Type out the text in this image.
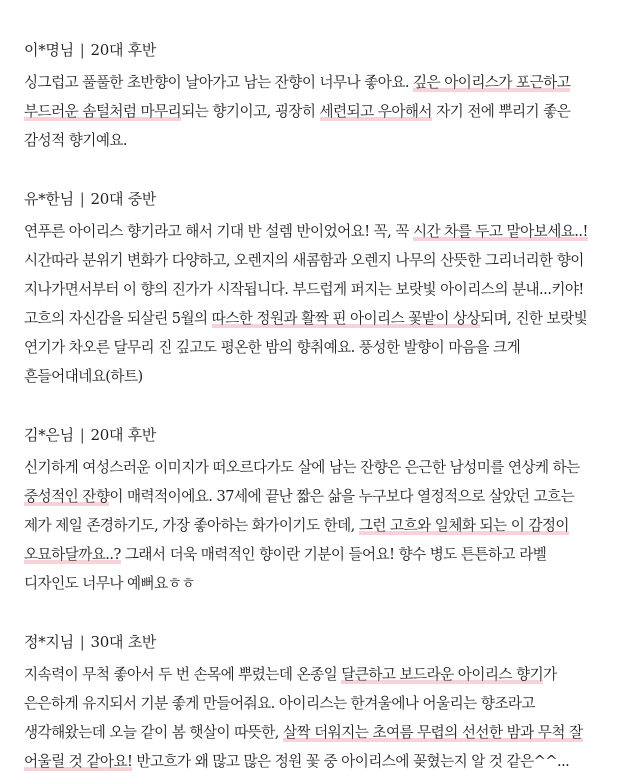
이*명님 | 20대 후반

싱그럽고 풀풀한 초반향이 날아가고 남는 잔향이 너무나 좋아요. 깊은 아이리스가 포근하고 부드러운 솜털처럼 마무리되는 향기이고, 굉장히 세련되고 우아해서 자기 전에 뿌리기 좋은 감성적 향기예요.

유*한님 | 20대 중반

연푸른 아이리스 향기라고 해서 기대 반 설렘 반이었어요! 꼭, 꼭 시간 차를 두고 맡아보세요..! 시간따라 분위기 변화가 다양하고, 오렌지의 새콤함과 오렌지 나무의 산뜻한 그리너리한 향이 지나가면서부터 이 향의 진가가 시작됩니다. 부드럽게 퍼지는 보랏빛 아이리스의 분내...키야! 고흐의 자신감을 되살린 5월의 따스한 정원과 활짝 핀 아이리스 꽃밭이 상상되며, 진한 보랏빛 연기가 차오른 달무리 진 깊고도 평온한 밤의 향취예요. 풍성한 발향이 마음을 크게 흔들어대네요(하트)

김*은님 | 20대 후반

신기하게 여성스러운 이미지가 떠오르다가도 살에 남는 잔향은 은근한 남성미를 연상케 하는 중성적인 잔향이 매력적이에요. 37세에 끝난 짧은 삶을 누구보다 열정적으로 살았던 고흐는 제가 제일 존경하기도, 가장 좋아하는 화가이기도 한데, 그런 고흐와 일체화 되는 이 감정이 오묘하달까요..? 그래서 더욱 매력적인 향이란 기분이 들어요! 향수 병도 튼튼하고 라벨 디자인도 너무나 예뻐요ㅎㅎ

정*지님 | 30대 초반

지속력이 무척 좋아서 두 번 손목에 뿌렸는데 온종일 달큰하고 보드라운 아이리스 향기가 은은하게 유지되서 기분 좋게 만들어줘요. 아이리스는 한겨울에나 어울리는 향조라고 생각해왔는데 오늘 같이 봄 햇살이 따뜻한, 살짝 더워지는 초여름 무렵의 선선한 밤과 무척 잘 어울릴 것 같아요! 반고흐가 왜 많고 많은 정원 꽃 중 아이리스에 꽂혔는지 알 것 같은^^...
